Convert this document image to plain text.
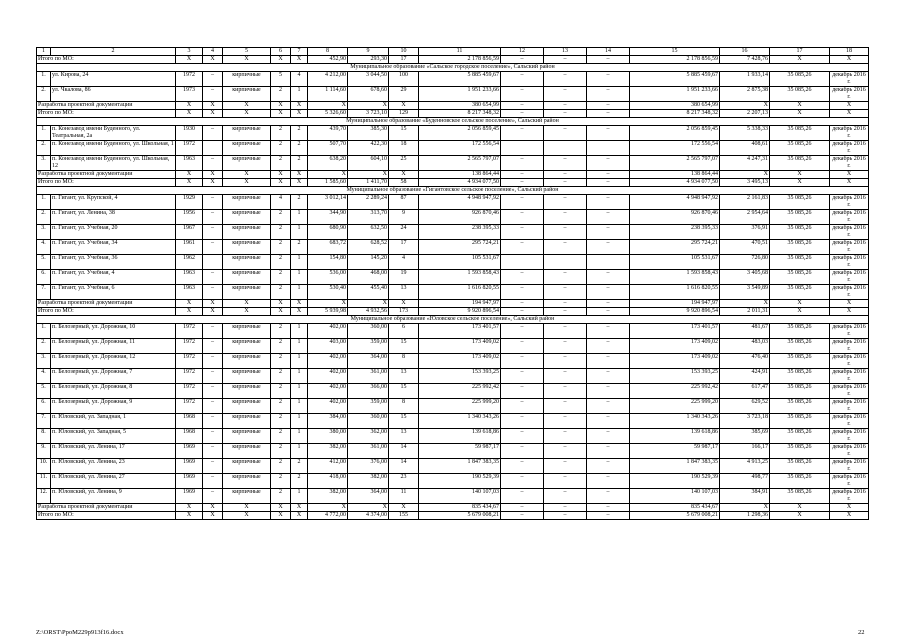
1	2	3	4	5	6	7	8	9	10	11	12	13	14	15	16	17	18
Итого по МО:		Х	Х	Х	Х	Х	452,90	293,30	17	2 178 856,59	–	–	–	2 178 856,59	7 428,76	Х	Х
Муниципальное образование «Сальское городское поселение», Сальский район																	
1.	ул. Кирова, 24	1972	–	кирпичные	5	4	4 212,00	3 044,50	100	5 885 459,67	–	–	–	5 885 459,67	1 933,14	35 085,26	декабрь 2016 г.
2.	ул. Чкалова, 86	1973	–	кирпичные	2	1	1 114,60	678,60	29	1 951 233,66	–	–	–	1 951 233,66	2 875,38	35 085,26	декабрь 2016 г.
Разработка проектной документации		Х	Х	Х	Х	Х	Х	Х	Х	380 654,99	–	–	–	380 654,99	Х	Х	Х
Итого по МО:		Х	Х	Х	Х	Х	5 326,60	3 723,10	129	8 217 348,32	–	–	–	8 217 348,32	2 207,13	Х	Х
Муниципальное образование «Буденновское сельское поселение», Сальский район																	
1.	п. Конезавод имени Буденного, ул. Театральная, 2а	1930	–	кирпичные	2	2	439,70	385,30	15	2 056 859,45	–	–	–	2 056 859,45	5 338,33	35 085,26	декабрь 2016 г.
2.	п. Конезавод имени Буденного, ул. Школьная, 1	1972		кирпичные	2	2	507,70	422,30	18	172 556,54				172 556,54	408,61	35 085,26	декабрь 2016 г.
3.	п. Конезавод имени Буденного, ул. Школьная, 12	1963	–	кирпичные	2	2	638,20	604,10	25	2 565 797,07	–	–	–	2 565 797,07	4 247,31	35 085,26	декабрь 2016 г.
Разработка проектной документации		Х	Х	Х	Х	Х	Х	Х	Х	138 864,44	–	–	–	138 864,44	Х	Х	Х
Итого по МО:		Х	Х	Х	Х	Х	1 585,60	1 411,70	58	4 934 077,50	–	–	–	4 934 077,50	3 495,13	Х	Х
Муниципальное образование «Гигантовское сельское поселение», Сальский район																	
1.	п. Гигант, ул. Крупской, 4	1929	–	кирпичные	4	2	3 012,14	2 289,24	87	4 948 947,92	–	–	–	4 948 947,92	2 161,83	35 085,26	декабрь 2016 г.
2.	п. Гигант, ул. Ленина, 38	1956	–	кирпичные	2	1	344,90	313,70	9	926 870,46	–	–	–	926 870,46	2 954,64	35 085,26	декабрь 2016 г.
3.	п. Гигант, ул. Учебная, 20	1967	–	кирпичные	2	1	680,90	632,50	24	238 395,33	–	–	–	238 395,33	376,91	35 085,26	декабрь 2016 г.
4.	п. Гигант, ул. Учебная, 34	1961	–	кирпичные	2	2	683,72	628,52	17	295 724,21	–	–	–	295 724,21	470,51	35 085,26	декабрь 2016 г.
5.	п. Гигант, ул. Учебная, 36	1962		кирпичные	2	1	154,80	145,20	4	105 531,67				105 531,67	726,80	35 085,26	декабрь 2016 г.
6.	п. Гигант, ул. Учебная, 4	1963	–	кирпичные	2	1	536,00	468,00	19	1 593 858,43	–	–	–	1 593 858,43	3 405,68	35 085,26	декабрь 2016 г.
7.	п. Гигант, ул. Учебная, 6	1963	–	кирпичные	2	1	530,40	455,40	13	1 616 820,55	–	–	–	1 616 820,55	3 549,89	35 085,26	декабрь 2016 г.
Разработка проектной документации		Х	Х	Х	Х	Х	Х	Х	Х	194 947,97	–	–	–	194 947,97	Х	Х	Х
Итого по МО:		Х	Х	Х	Х	Х	5 939,98	4 932,56	173	9 920 896,54	–	–	–	9 920 896,54	2 011,31	Х	Х
Муниципальное образование «Юловское сельское поселение», Сальский район																	
1.	п. Белозерный, ул. Дорожная, 10	1972	–	кирпичные	2	1	402,00	360,00	6	173 401,57	–	–	–	173 401,57	481,67	35 085,26	декабрь 2016 г.
2.	п. Белозерный, ул. Дорожная, 11	1972	–	кирпичные	2	1	403,00	359,00	15	173 409,02	–	–	–	173 409,02	483,03	35 085,26	декабрь 2016 г.
3.	п. Белозерный, ул. Дорожная, 12	1972	–	кирпичные	2	1	402,00	364,00	8	173 409,02	–	–	–	173 409,02	476,40	35 085,26	декабрь 2016 г.
4.	п. Белозерный, ул. Дорожная, 7	1972	–	кирпичные	2	1	402,00	361,00	13	153 393,25	–	–	–	153 393,25	424,91	35 085,26	декабрь 2016 г.
5.	п. Белозерный, ул. Дорожная, 8	1972	–	кирпичные	2	1	402,00	366,00	15	225 992,42	–	–	–	225 992,42	617,47	35 085,26	декабрь 2016 г.
6.	п. Белозерный, ул. Дорожная, 9	1972	–	кирпичные	2	1	402,00	359,00	8	225 999,20	–	–	–	225 999,20	629,52	35 085,26	декабрь 2016 г.
7.	п. Юловский, ул. Западная, 1	1968	–	кирпичные	2	1	384,00	360,00	15	1 340 343,26	–	–	–	1 340 343,26	3 723,18	35 085,26	декабрь 2016 г.
8.	п. Юловский, ул. Западная, 5	1968	–	кирпичные	2	1	380,00	362,00	13	139 618,86	–	–	–	139 618,86	385,69	35 085,26	декабрь 2016 г.
9.	п. Юловский, ул. Ленина, 17	1969	–	кирпичные	2	1	382,00	361,00	14	59 987,17	–	–	–	59 987,17	166,17	35 085,26	декабрь 2016 г.
10.	п. Юловский, ул. Ленина, 23	1969	–	кирпичные	2	2	412,00	376,00	14	1 847 383,35	–	–	–	1 847 383,35	4 913,25	35 085,26	декабрь 2016 г.
11.	п. Юловский, ул. Ленина, 27	1969	–	кирпичные	2	2	418,00	382,00	23	190 529,39	–	–	–	190 529,39	498,77	35 085,26	декабрь 2016 г.
12.	п. Юловский, ул. Ленина, 9	1969	–	кирпичные	2	1	382,00	364,00	11	140 107,03	–	–	–	140 107,03	384,91	35 085,26	декабрь 2016 г.
Разработка проектной документации		Х	Х	Х	Х	Х	Х	Х	Х	835 434,67	–	–	–	835 434,67	Х	Х	Х
Итого по МО:		Х	Х	Х	Х	Х	4 772,00	4 374,00	155	5 679 008,21	–	–	–	5 679 008,21	1 298,36	Х	Х
Z:\ORST\PpoM229p913f16.docx	22
